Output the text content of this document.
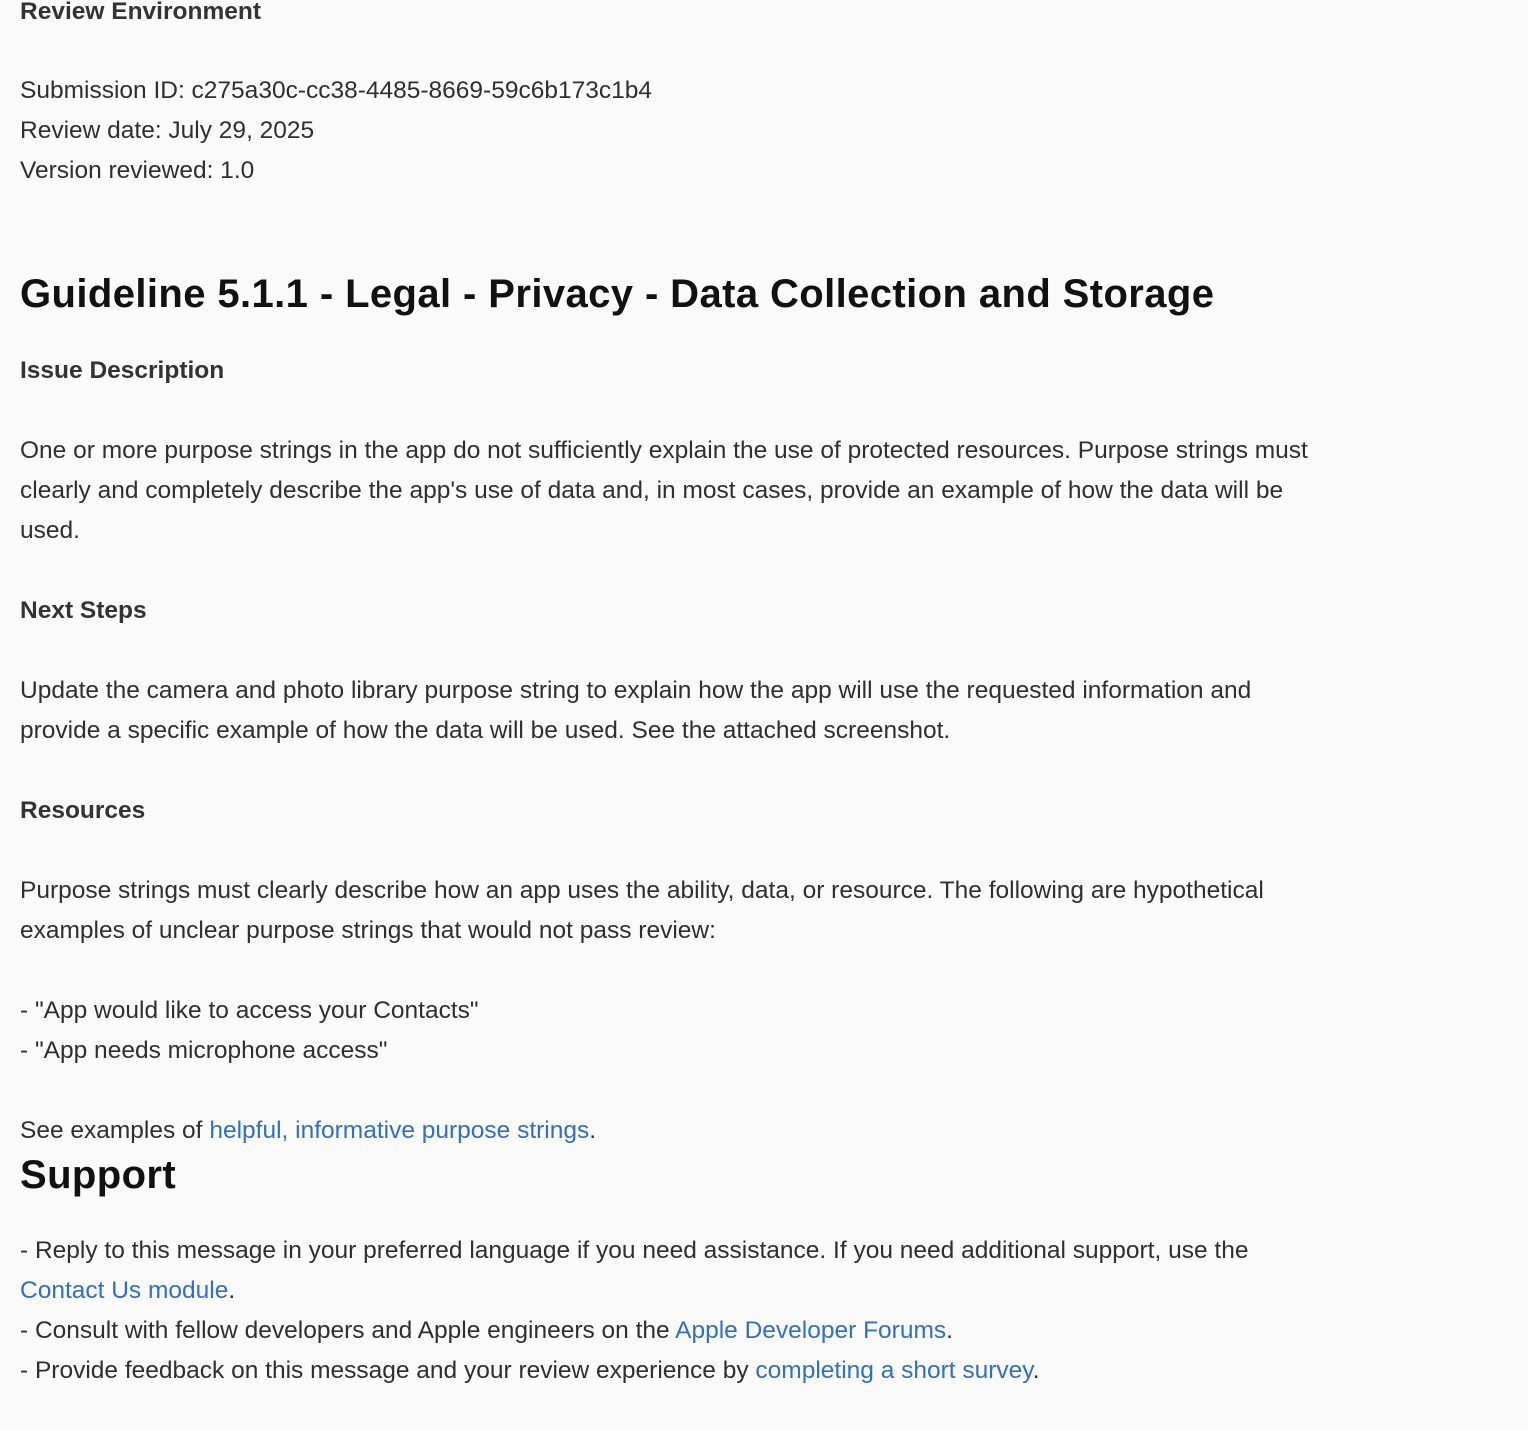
Review Environment
Submission ID: c275a30c-cc38-4485-8669-59c6b173c1b4
Review date: July 29, 2025
Version reviewed: 1.0
Guideline 5.1.1 - Legal - Privacy - Data Collection and Storage
Issue Description
One or more purpose strings in the app do not sufficiently explain the use of protected resources. Purpose strings must
clearly and completely describe the app's use of data and, in most cases, provide an example of how the data will be
used.
Next Steps
Update the camera and photo library purpose string to explain how the app will use the requested information and
provide a specific example of how the data will be used. See the attached screenshot.
Resources
Purpose strings must clearly describe how an app uses the ability, data, or resource. The following are hypothetical
examples of unclear purpose strings that would not pass review:
- "App would like to access your Contacts"
- "App needs microphone access"
See examples of helpful, informative purpose strings.
Support
- Reply to this message in your preferred language if you need assistance. If you need additional support, use the
Contact Us module.
- Consult with fellow developers and Apple engineers on the Apple Developer Forums.
- Provide feedback on this message and your review experience by completing a short survey.
